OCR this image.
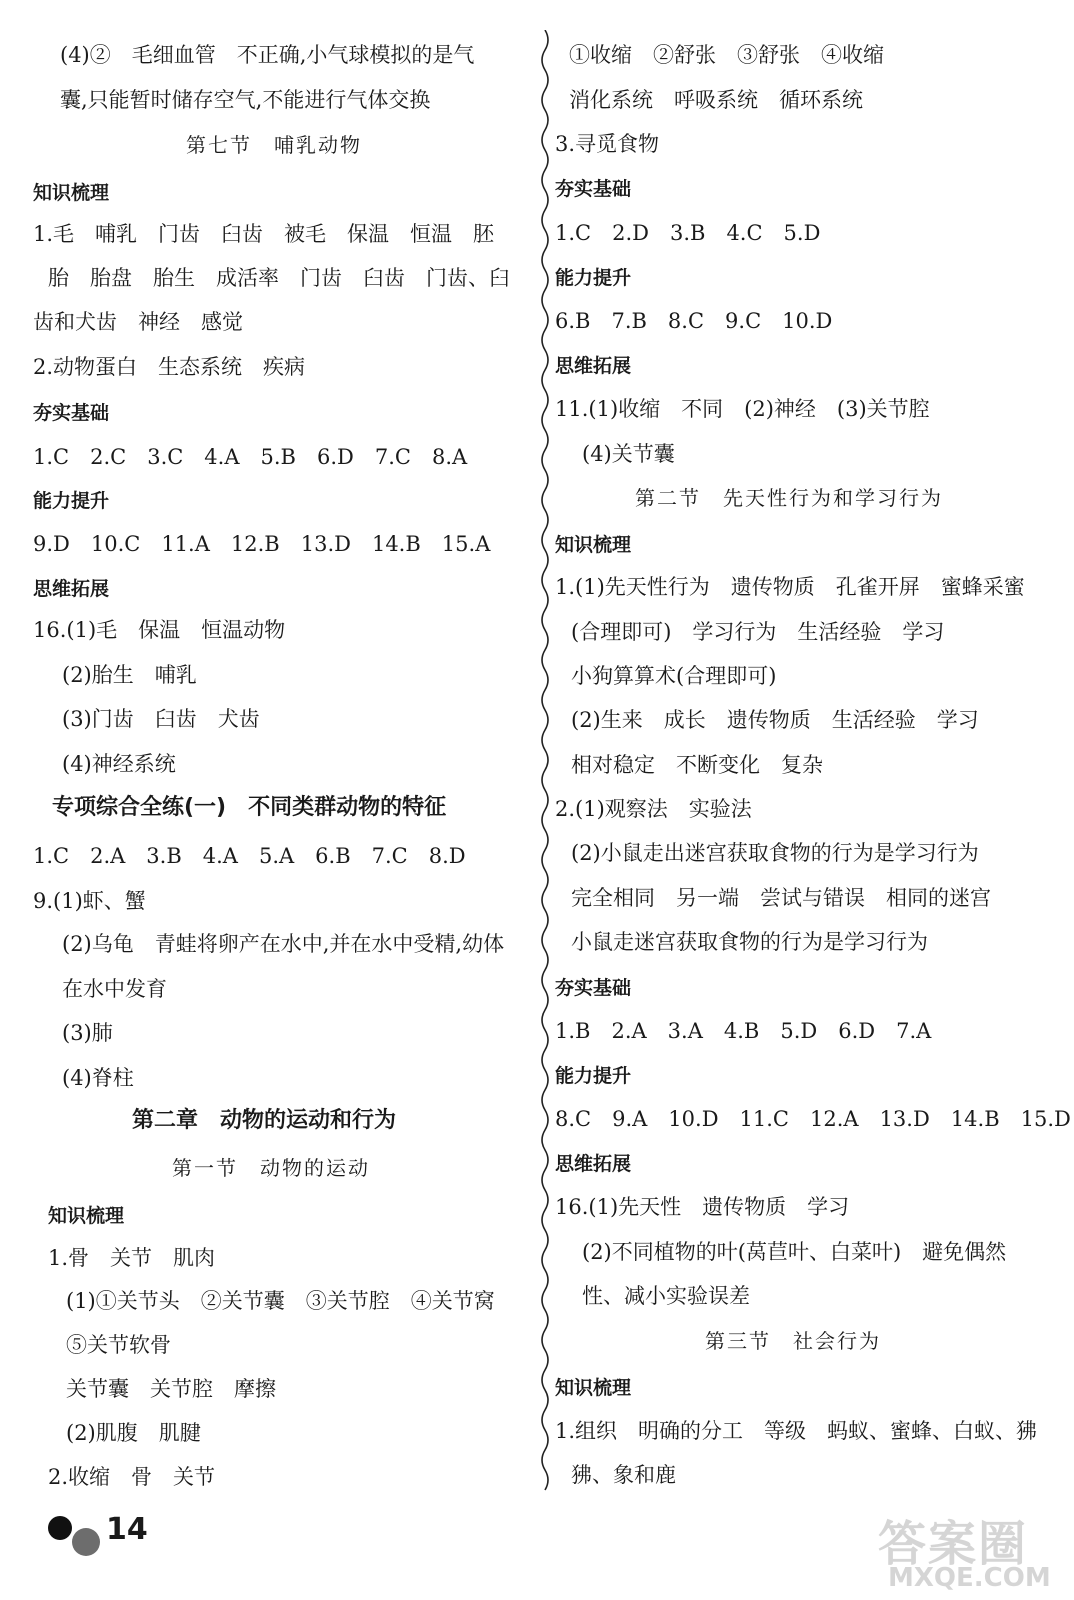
(4)②　毛细血管　不正确,小气球模拟的是气
囊,只能暂时储存空气,不能进行气体交换
第七节　哺乳动物
知识梳理
1.毛　哺乳　门齿　臼齿　被毛　保温　恒温　胚
胎　胎盘　胎生　成活率　门齿　臼齿　门齿、臼
齿和犬齿　神经　感觉
2.动物蛋白　生态系统　疾病
夯实基础
1.C　2.C　3.C　4.A　5.B　6.D　7.C　8.A
能力提升
9.D　10.C　11.A　12.B　13.D　14.B　15.A
思维拓展
16.(1)毛　保温　恒温动物
(2)胎生　哺乳
(3)门齿　臼齿　犬齿
(4)神经系统
专项综合全练(一)　不同类群动物的特征
1.C　2.A　3.B　4.A　5.A　6.B　7.C　8.D
9.(1)虾、蟹
(2)乌龟　青蛙将卵产在水中,并在水中受精,幼体
在水中发育
(3)肺
(4)脊柱
第二章　动物的运动和行为
第一节　动物的运动
知识梳理
1.骨　关节　肌肉
(1)①关节头　②关节囊　③关节腔　④关节窝
⑤关节软骨
关节囊　关节腔　摩擦
(2)肌腹　肌腱
2.收缩　骨　关节
①收缩　②舒张　③舒张　④收缩
消化系统　呼吸系统　循环系统
3.寻觅食物
夯实基础
1.C　2.D　3.B　4.C　5.D
能力提升
6.B　7.B　8.C　9.C　10.D
思维拓展
11.(1)收缩　不同　(2)神经　(3)关节腔
(4)关节囊
第二节　先天性行为和学习行为
知识梳理
1.(1)先天性行为　遗传物质　孔雀开屏　蜜蜂采蜜
(合理即可)　学习行为　生活经验　学习
小狗算算术(合理即可)
(2)生来　成长　遗传物质　生活经验　学习
相对稳定　不断变化　复杂
2.(1)观察法　实验法
(2)小鼠走出迷宫获取食物的行为是学习行为
完全相同　另一端　尝试与错误　相同的迷宫
小鼠走迷宫获取食物的行为是学习行为
夯实基础
1.B　2.A　3.A　4.B　5.D　6.D　7.A
能力提升
8.C　9.A　10.D　11.C　12.A　13.D　14.B　15.D
思维拓展
16.(1)先天性　遗传物质　学习
(2)不同植物的叶(莴苣叶、白菜叶)　避免偶然
性、减小实验误差
第三节　社会行为
知识梳理
1.组织　明确的分工　等级　蚂蚁、蜜蜂、白蚁、狒
狒、象和鹿
14	答案圈
MXQE.COM
